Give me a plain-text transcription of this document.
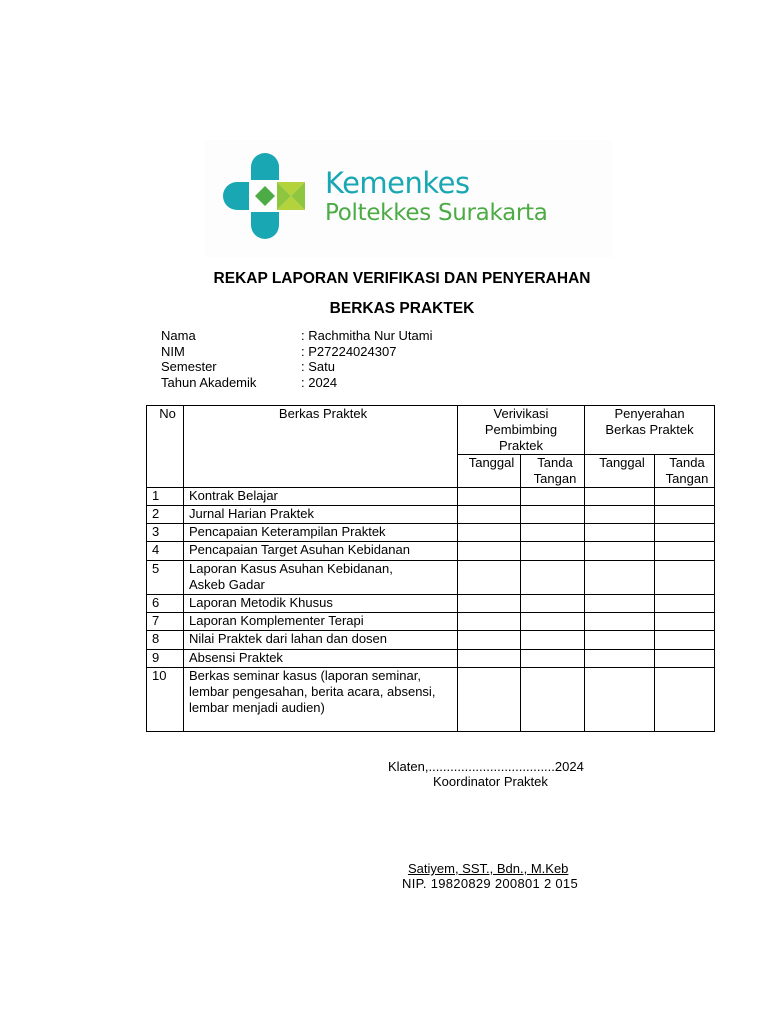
Kemenkes
Poltekkes Surakarta
REKAP LAPORAN VERIFIKASI DAN PENYERAHAN
BERKAS PRAKTEK
Nama	: Rachmitha Nur Utami
NIM	: P27224024307
Semester	: Satu
Tahun Akademik	: 2024
No	Berkas Praktek	Verivikasi Pembimbing Praktek		Penyerahan Berkas Praktek	
		Tanggal	Tanda Tangan	Tanggal	Tanda Tangan
1	Kontrak Belajar				
2	Jurnal Harian Praktek				
3	Pencapaian Keterampilan Praktek				
4	Pencapaian Target Asuhan Kebidanan				
5	Laporan Kasus Asuhan Kebidanan, Askeb Gadar				
6	Laporan Metodik Khusus				
7	Laporan Komplementer Terapi				
8	Nilai Praktek dari lahan dan dosen				
9	Absensi Praktek				
10	Berkas seminar kasus (laporan seminar, lembar pengesahan, berita acara, absensi, lembar menjadi audien)				
Klaten,...................................2024
Koordinator Praktek
Satiyem, SST., Bdn., M.Keb
NIP. 19820829 200801 2 015
